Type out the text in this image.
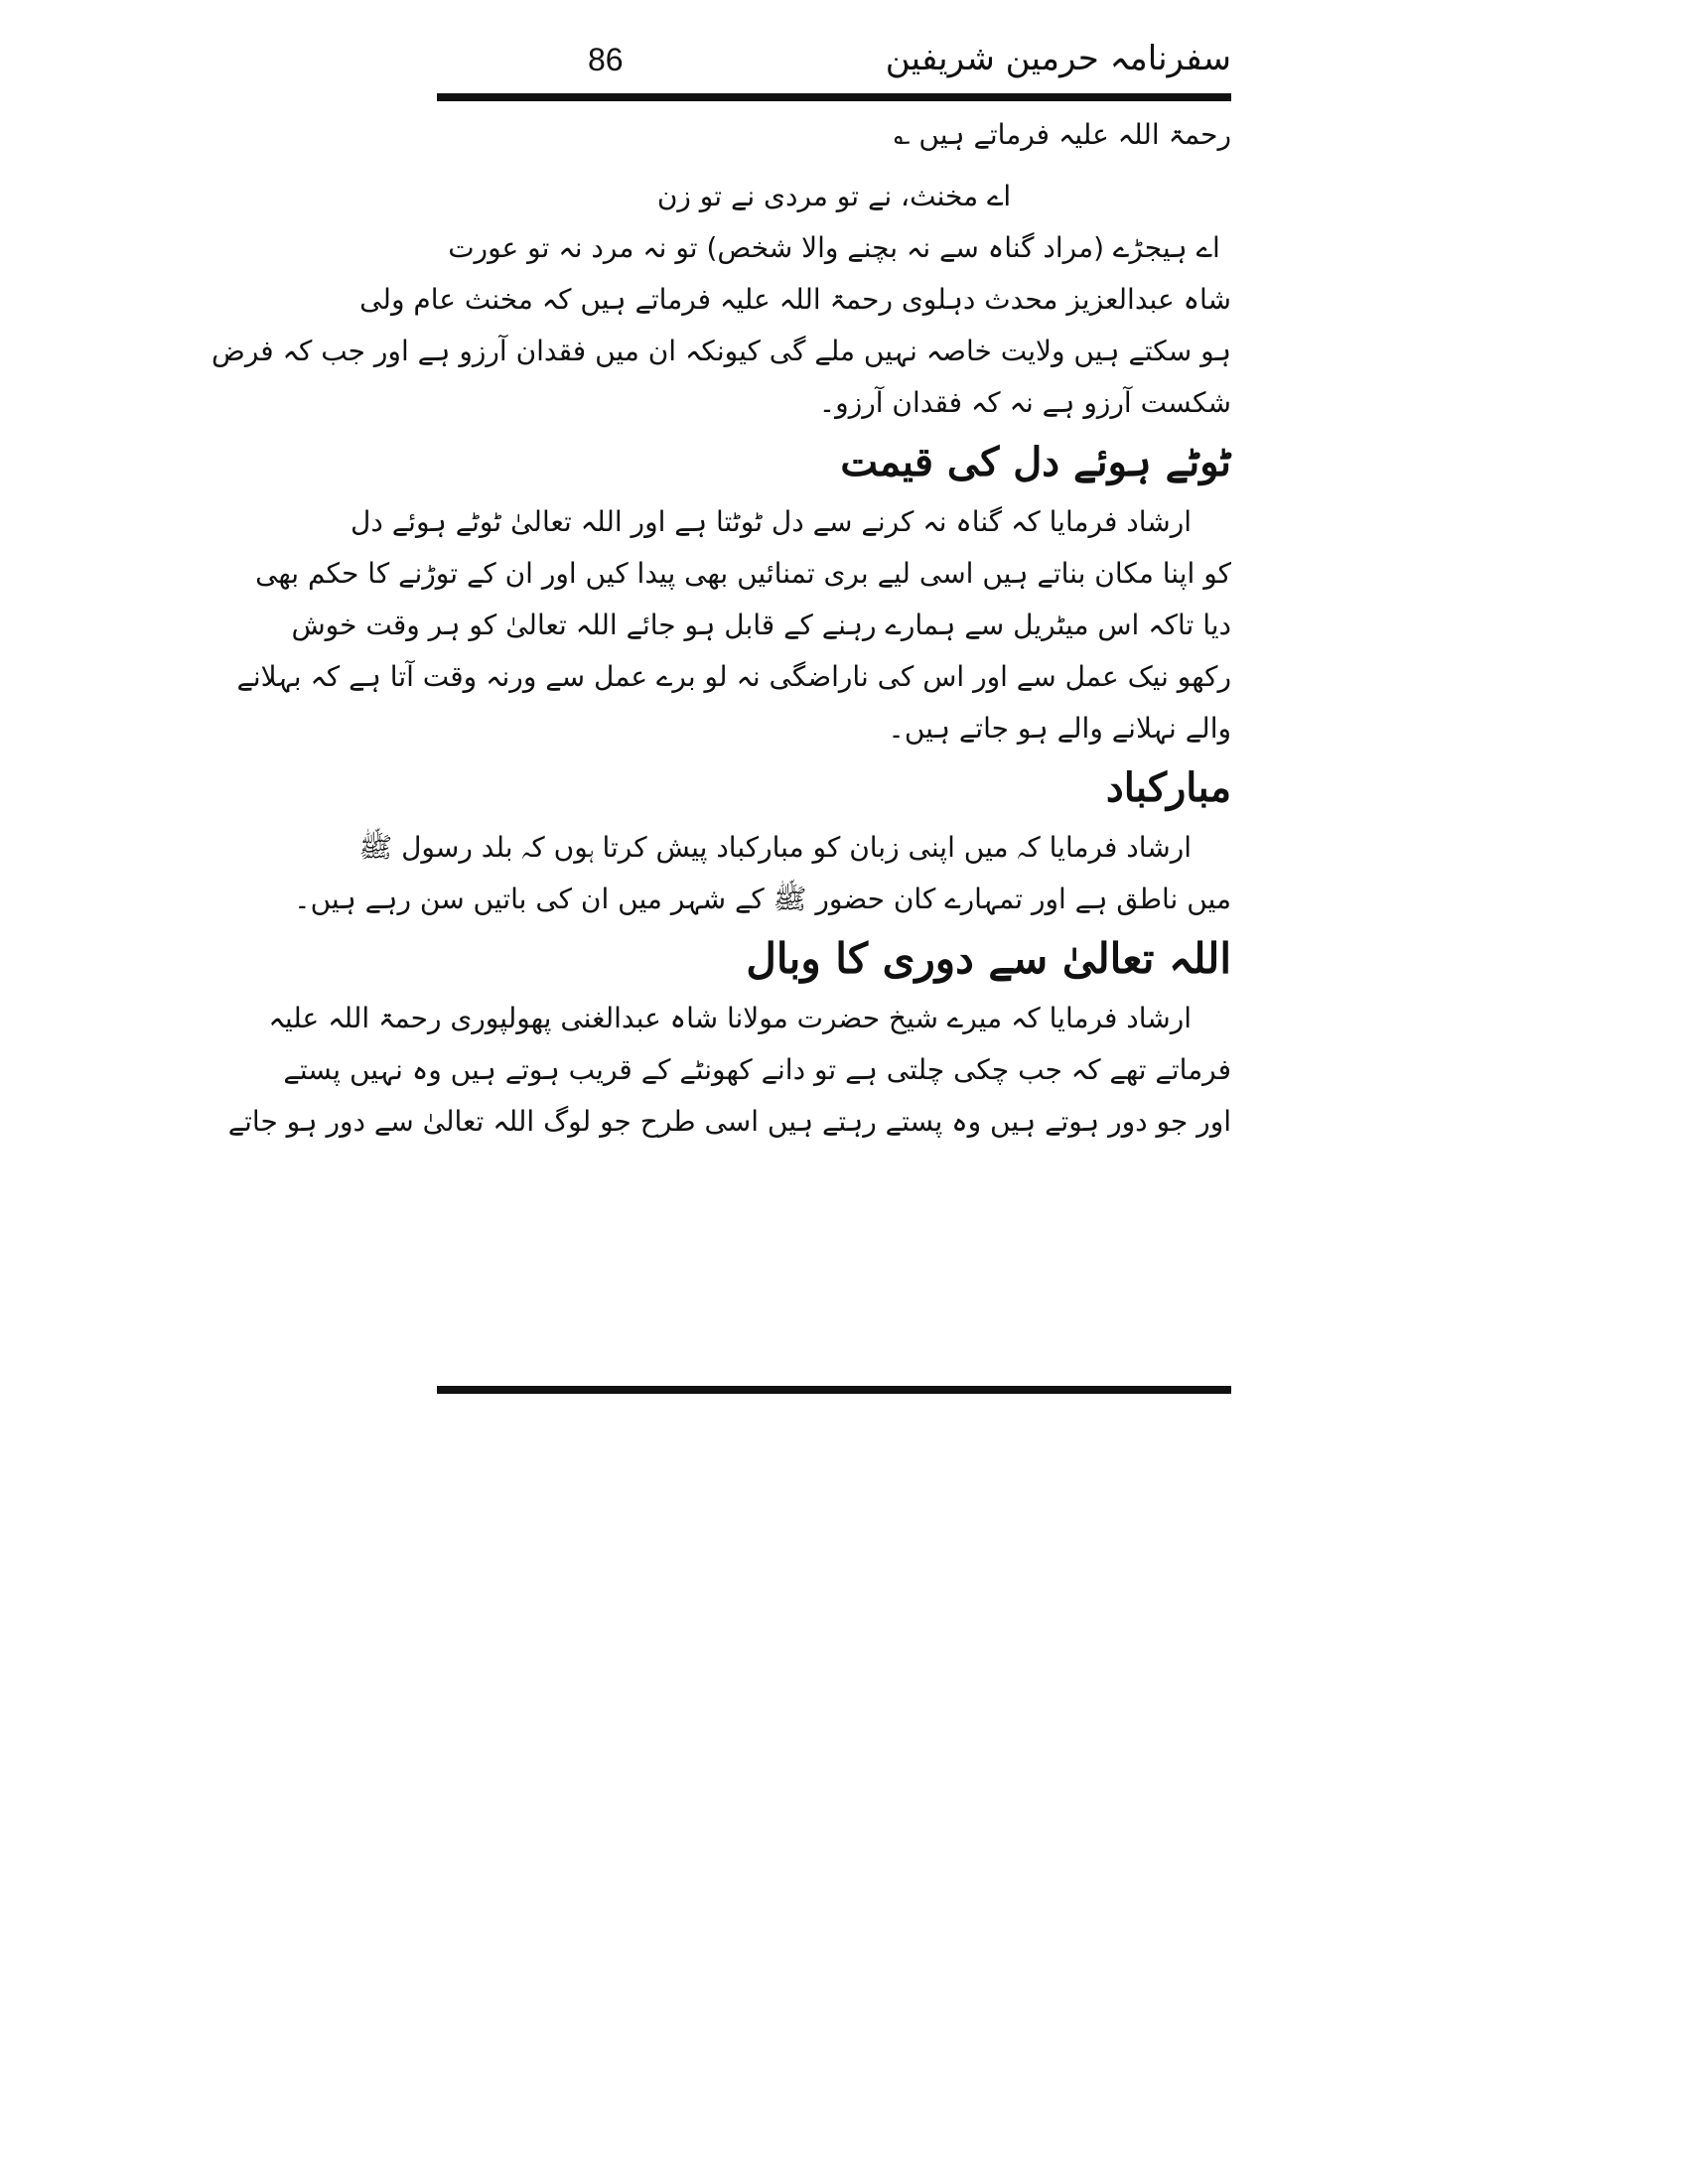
86	سفرنامہ حرمین شریفین
رحمۃ اللہ علیہ فرماتے ہیں ؎
اے مخنث، نے تو مردی نے تو زن
اے ہیجڑے (مراد گناہ سے نہ بچنے والا شخص) تو نہ مرد نہ تو عورت
شاہ عبدالعزیز محدث دہلوی رحمۃ اللہ علیہ فرماتے ہیں کہ مخنث عام ولی
ہو سکتے ہیں ولایت خاصہ نہیں ملے گی کیونکہ ان میں فقدان آرزو ہے اور جب کہ فرض
شکست آرزو ہے نہ کہ فقدان آرزو۔
ٹوٹے ہوئے دل کی قیمت
ارشاد فرمایا کہ گناہ نہ کرنے سے دل ٹوٹتا ہے اور اللہ تعالیٰ ٹوٹے ہوئے دل
کو اپنا مکان بناتے ہیں اسی لیے بری تمنائیں بھی پیدا کیں اور ان کے توڑنے کا حکم بھی
دیا تاکہ اس میٹریل سے ہمارے رہنے کے قابل ہو جائے اللہ تعالیٰ کو ہر وقت خوش
رکھو نیک عمل سے اور اس کی ناراضگی نہ لو برے عمل سے ورنہ وقت آتا ہے کہ بہلانے
والے نہلانے والے ہو جاتے ہیں۔
مبارکباد
ارشاد فرمایا کہ میں اپنی زبان کو مبارکباد پیش کرتا ہوں کہ بلد رسول ﷺ
میں ناطق ہے اور تمہارے کان حضور ﷺ کے شہر میں ان کی باتیں سن رہے ہیں۔
اللہ تعالیٰ سے دوری کا وبال
ارشاد فرمایا کہ میرے شیخ حضرت مولانا شاہ عبدالغنی پھولپوری رحمۃ اللہ علیہ
فرماتے تھے کہ جب چکی چلتی ہے تو دانے کھونٹے کے قریب ہوتے ہیں وہ نہیں پستے
اور جو دور ہوتے ہیں وہ پستے رہتے ہیں اسی طرح جو لوگ اللہ تعالیٰ سے دور ہو جاتے
